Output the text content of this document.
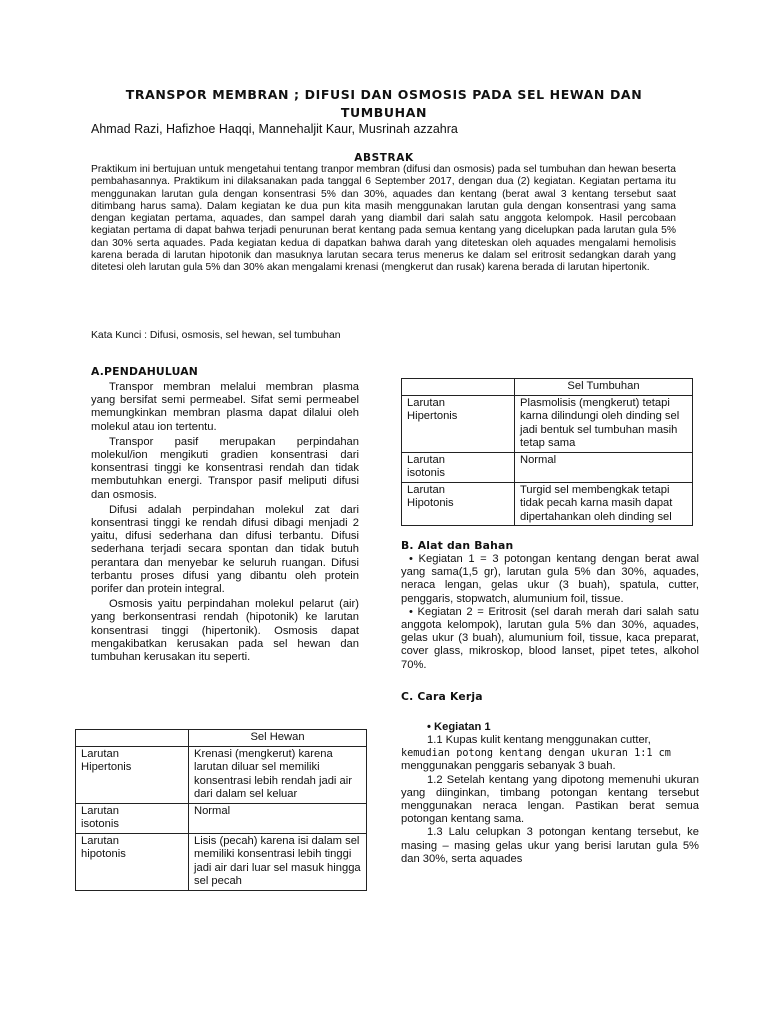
TRANSPOR MEMBRAN ; DIFUSI DAN OSMOSIS PADA SEL HEWAN DAN
TUMBUHAN
Ahmad Razi, Hafizhoe Haqqi, Mannehaljit Kaur, Musrinah azzahra
ABSTRAK
Praktikum ini bertujuan untuk mengetahui tentang tranpor membran (difusi dan osmosis) pada sel tumbuhan dan hewan beserta pembahasannya. Praktikum ini dilaksanakan pada tanggal 6 September 2017, dengan dua (2) kegiatan. Kegiatan pertama itu menggunakan larutan gula dengan konsentrasi 5% dan 30%, aquades dan kentang (berat awal 3 kentang tersebut saat ditimbang harus sama). Dalam kegiatan ke dua pun kita masih menggunakan larutan gula dengan konsentrasi yang sama dengan kegiatan pertama, aquades, dan sampel darah yang diambil dari salah satu anggota kelompok. Hasil percobaan kegiatan pertama di dapat bahwa terjadi penurunan berat kentang pada semua kentang yang dicelupkan pada larutan gula 5% dan 30% serta aquades. Pada kegiatan kedua di dapatkan bahwa darah yang diteteskan oleh aquades mengalami hemolisis karena berada di larutan hipotonik dan masuknya larutan secara terus menerus ke dalam sel eritrosit sedangkan darah yang ditetesi oleh larutan gula 5% dan 30% akan mengalami krenasi (mengkerut dan rusak) karena berada di larutan hipertonik.
Kata Kunci : Difusi, osmosis, sel hewan, sel tumbuhan
A.PENDAHULUAN

Transpor membran melalui membran plasma yang bersifat semi permeabel. Sifat semi permeabel memungkinkan membran plasma dapat dilalui oleh molekul atau ion tertentu.

Transpor pasif merupakan perpindahan molekul/ion mengikuti gradien konsentrasi dari konsentrasi tinggi ke konsentrasi rendah dan tidak membutuhkan energi. Transpor pasif meliputi difusi dan osmosis.

Difusi adalah perpindahan molekul zat dari konsentrasi tinggi ke rendah difusi dibagi menjadi 2 yaitu, difusi sederhana dan difusi terbantu. Difusi sederhana terjadi secara spontan dan tidak butuh perantara dan menyebar ke seluruh ruangan. Difusi terbantu proses difusi yang dibantu oleh protein porifer dan protein integral.

Osmosis yaitu perpindahan molekul pelarut (air) yang berkonsentrasi rendah (hipotonik) ke larutan konsentrasi tinggi (hipertonik). Osmosis dapat mengakibatkan kerusakan pada sel hewan dan tumbuhan kerusakan itu seperti.

	Sel Hewan
Larutan
Hipertonis	Krenasi (mengkerut) karena larutan diluar sel memiliki konsentrasi lebih rendah jadi air dari dalam sel keluar
Larutan
isotonis	Normal
Larutan
hipotonis	Lisis (pecah) karena isi dalam sel memiliki konsentrasi lebih tinggi jadi air dari luar sel masuk hingga sel pecah
	Sel Tumbuhan
Larutan
Hipertonis	Plasmolisis (mengkerut) tetapi karna dilindungi oleh dinding sel jadi bentuk sel tumbuhan masih tetap sama
Larutan
isotonis	Normal
Larutan
Hipotonis	Turgid sel membengkak tetapi tidak pecah karna masih dapat dipertahankan oleh dinding sel
B. Alat dan Bahan

• Kegiatan 1 = 3 potongan kentang dengan berat awal yang sama(1,5 gr), larutan gula 5% dan 30%, aquades, neraca lengan, gelas ukur (3 buah), spatula, cutter, penggaris, stopwatch, alumunium foil, tissue.

• Kegiatan 2 = Eritrosit (sel darah merah dari salah satu anggota kelompok), larutan gula 5% dan 30%, aquades, gelas ukur (3 buah), alumunium foil, tissue, kaca preparat, cover glass, mikroskop, blood lanset, pipet tetes, alkohol 70%.

C. Cara Kerja
• Kegiatan 1

1.1 Kupas kulit kentang menggunakan cutter,

kemudian potong kentang dengan ukuran 1:1 cm

menggunakan penggaris sebanyak 3 buah.

1.2 Setelah kentang yang dipotong memenuhi ukuran yang diinginkan, timbang potongan kentang tersebut menggunakan neraca lengan. Pastikan berat semua potongan kentang sama.

1.3 Lalu celupkan 3 potongan kentang tersebut, ke masing – masing gelas ukur yang berisi larutan gula 5% dan 30%, serta aquades
